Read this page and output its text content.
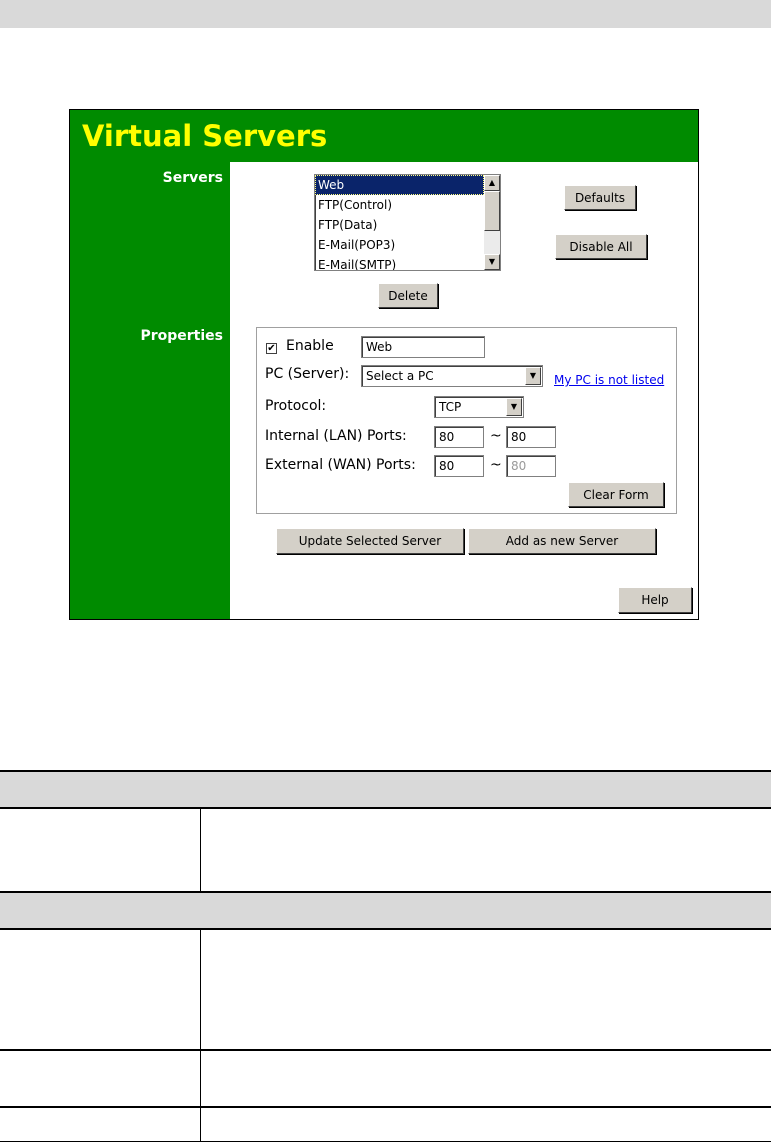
Virtual Servers
Servers
Properties
Web
FTP(Control)
FTP(Data)
E-Mail(POP3)
E-Mail(SMTP)
▲
▼
Defaults
Disable All
Delete
✔ Enable	Web
PC (Server):	Select a PC	▼	My PC is not listed
Protocol:	TCP	▼
Internal (LAN) Ports:	80	~ 80
External (WAN) Ports:	80	~ 80
Clear Form
Update Selected Server	Add as new Server
Help
